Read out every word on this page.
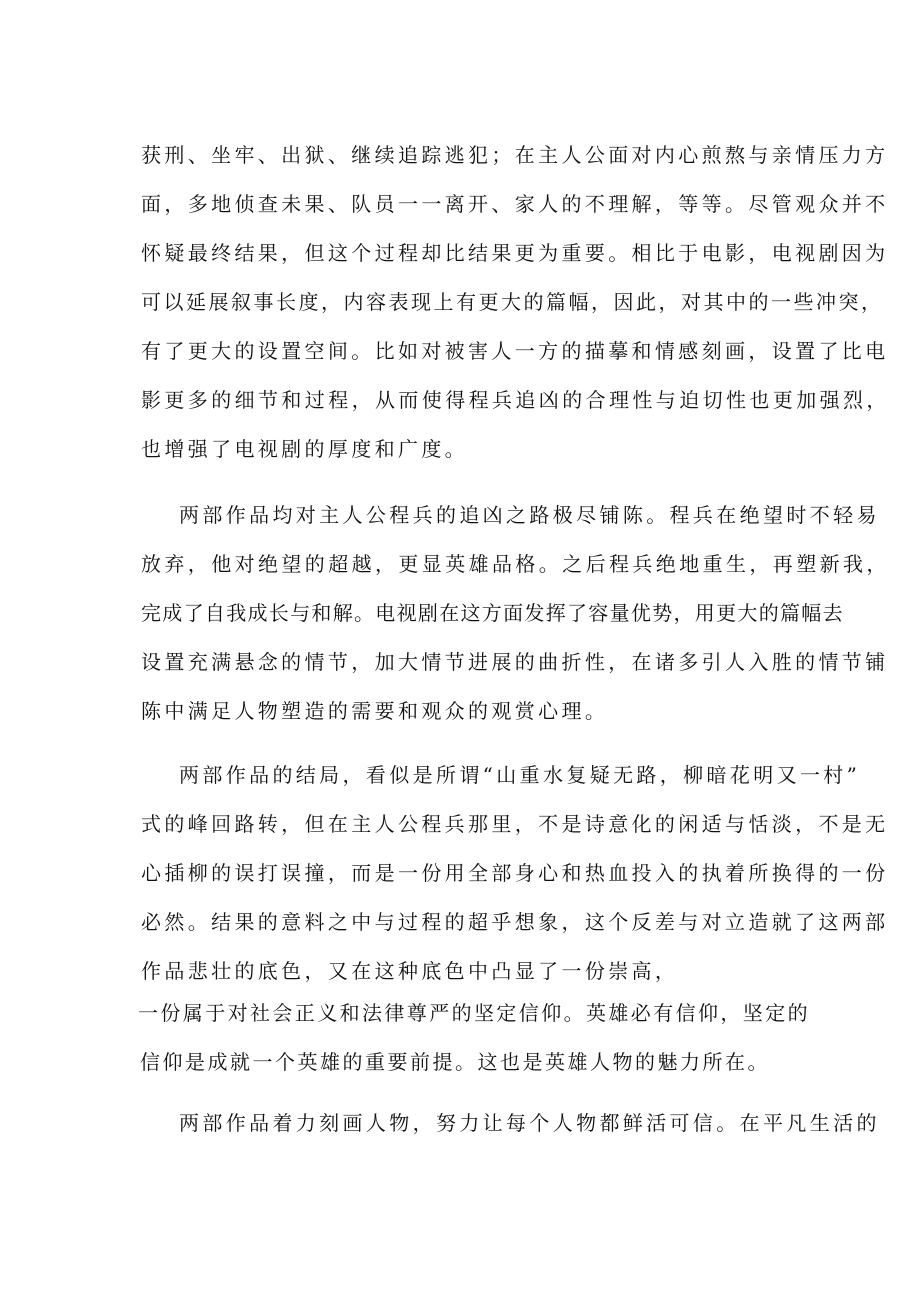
获刑、坐牢、出狱、继续追踪逃犯；在主人公面对内心煎熬与亲情压力方

面，多地侦查未果、队员一一离开、家人的不理解，等等。尽管观众并不

怀疑最终结果，但这个过程却比结果更为重要。相比于电影，电视剧因为

可以延展叙事长度，内容表现上有更大的篇幅，因此，对其中的一些冲突，

有了更大的设置空间。比如对被害人一方的描摹和情感刻画，设置了比电

影更多的细节和过程，从而使得程兵追凶的合理性与迫切性也更加强烈，

也增强了电视剧的厚度和广度。

两部作品均对主人公程兵的追凶之路极尽铺陈。程兵在绝望时不轻易

放弃，他对绝望的超越，更显英雄品格。之后程兵绝地重生，再塑新我，

完成了自我成长与和解。电视剧在这方面发挥了容量优势，用更大的篇幅去

设置充满悬念的情节，加大情节进展的曲折性，在诸多引人入胜的情节铺

陈中满足人物塑造的需要和观众的观赏心理。

两部作品的结局，看似是所谓“山重水复疑无路，柳暗花明又一村”

式的峰回路转，但在主人公程兵那里，不是诗意化的闲适与恬淡，不是无

心插柳的误打误撞，而是一份用全部身心和热血投入的执着所换得的一份

必然。结果的意料之中与过程的超乎想象，这个反差与对立造就了这两部

作品悲壮的底色，又在这种底色中凸显了一份崇高，

一份属于对社会正义和法律尊严的坚定信仰。英雄必有信仰，坚定的

信仰是成就一个英雄的重要前提。这也是英雄人物的魅力所在。

两部作品着力刻画人物，努力让每个人物都鲜活可信。在平凡生活的
